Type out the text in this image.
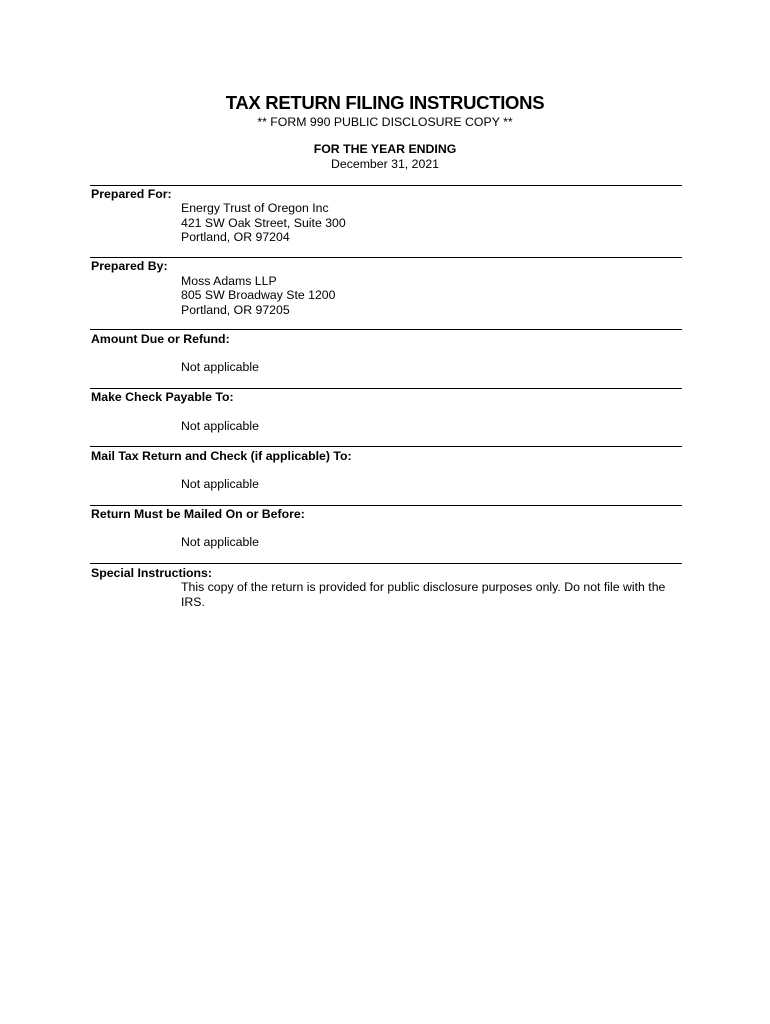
TAX RETURN FILING INSTRUCTIONS
** FORM 990 PUBLIC DISCLOSURE COPY **
FOR THE YEAR ENDING
December 31, 2021
Prepared For:
Energy Trust of Oregon Inc
421 SW Oak Street, Suite 300
Portland, OR 97204
Prepared By:
Moss Adams LLP
805 SW Broadway Ste 1200
Portland, OR 97205
Amount Due or Refund:
Not applicable
Make Check Payable To:
Not applicable
Mail Tax Return and Check (if applicable) To:
Not applicable
Return Must be Mailed On or Before:
Not applicable
Special Instructions:
This copy of the return is provided for public disclosure purposes only. Do not file with the IRS.
